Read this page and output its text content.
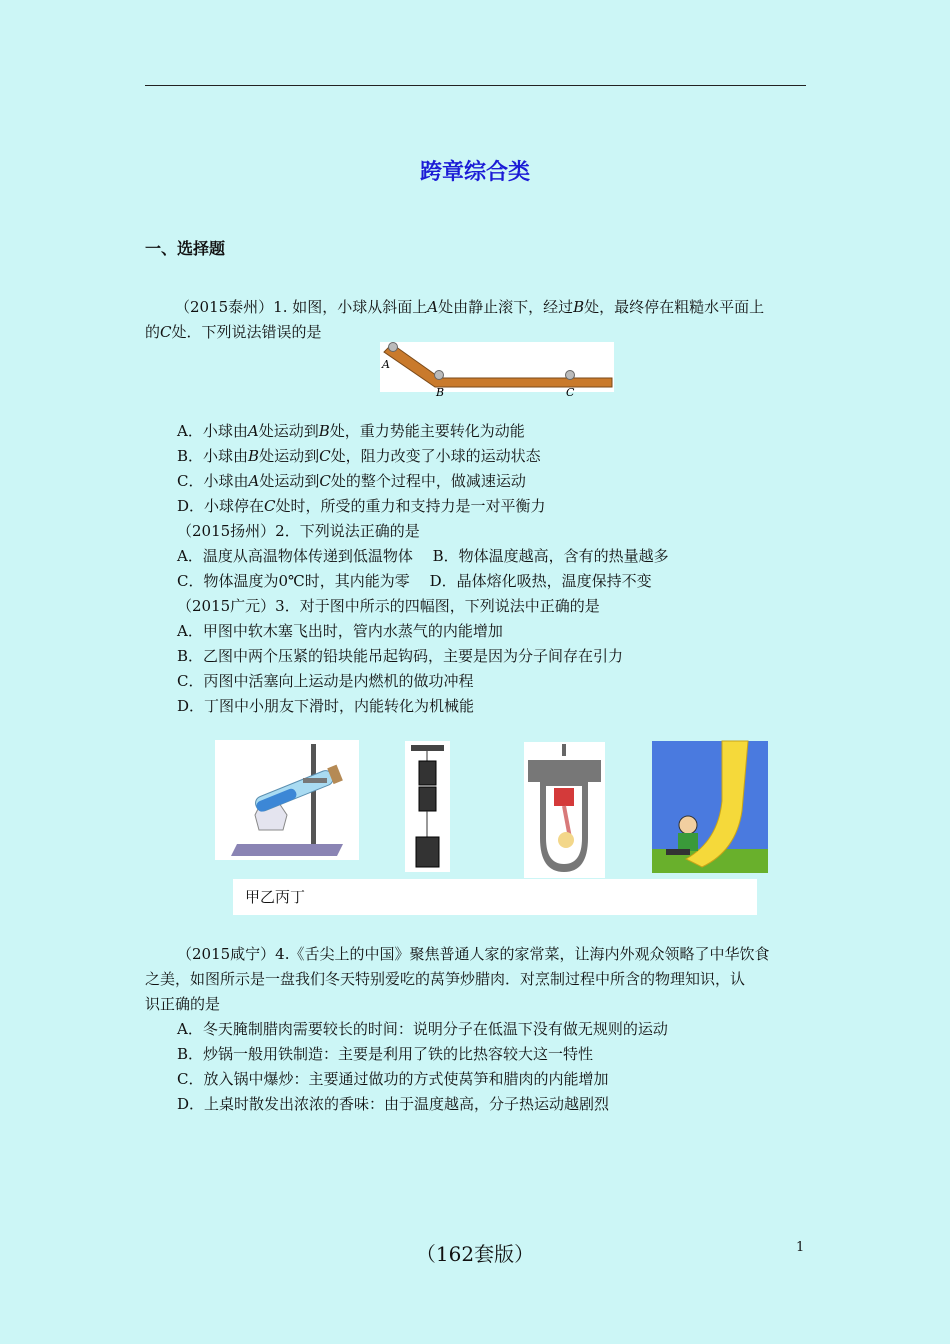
跨章综合类
一、选择题
（2015泰州）1. 如图，小球从斜面上A处由静止滚下，经过B处，最终停在粗糙水平面上
的C处．下列说法错误的是
A
B	C
A．小球由A处运动到B处，重力势能主要转化为动能
B．小球由B处运动到C处，阻力改变了小球的运动状态
C．小球由A处运动到C处的整个过程中，做减速运动
D．小球停在C处时，所受的重力和支持力是一对平衡力
（2015扬州）2．下列说法正确的是
A．温度从高温物体传递到低温物体　 B．物体温度越高，含有的热量越多
C．物体温度为0℃时，其内能为零　 D．晶体熔化吸热，温度保持不变
（2015广元）3．对于图中所示的四幅图，下列说法中正确的是
A．甲图中软木塞飞出时，管内水蒸气的内能增加
B．乙图中两个压紧的铅块能吊起钩码，主要是因为分子间存在引力
C．丙图中活塞向上运动是内燃机的做功冲程
D．丁图中小朋友下滑时，内能转化为机械能
甲乙丙丁
（2015咸宁）4.《舌尖上的中国》聚焦普通人家的家常菜，让海内外观众领略了中华饮食
之美，如图所示是一盘我们冬天特别爱吃的莴笋炒腊肉．对烹制过程中所含的物理知识，认
识正确的是
A．冬天腌制腊肉需要较长的时间：说明分子在低温下没有做无规则的运动
B．炒锅一般用铁制造：主要是利用了铁的比热容较大这一特性
C．放入锅中爆炒：主要通过做功的方式使莴笋和腊肉的内能增加
D．上桌时散发出浓浓的香味：由于温度越高，分子热运动越剧烈
（162套版）	1
